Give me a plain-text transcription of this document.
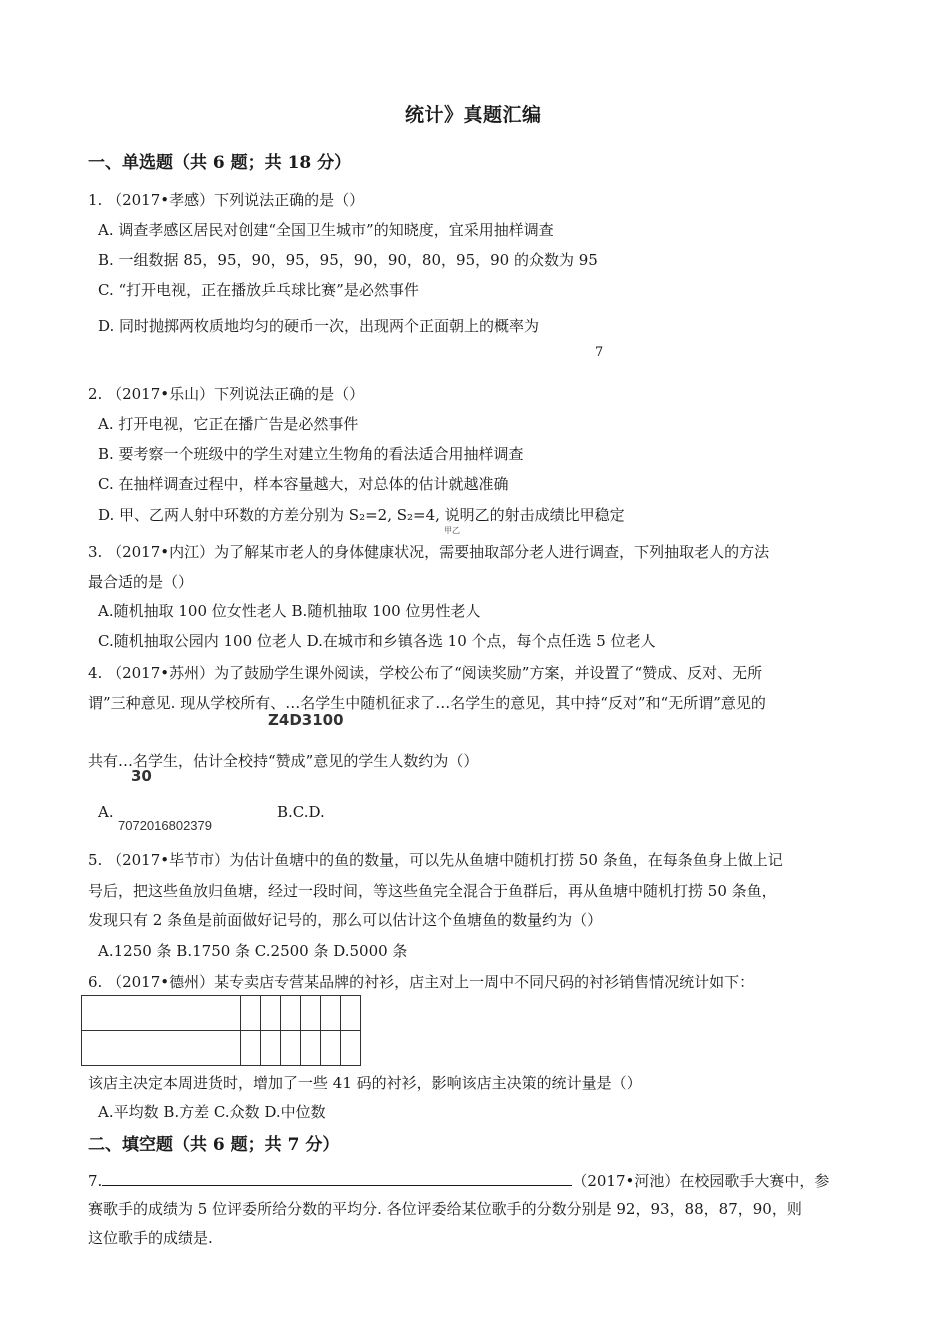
统计》真题汇编
一、单选题（共 6 题；共 18 分）
1. （2017•孝感）下列说法正确的是（）
A. 调查孝感区居民对创建“全国卫生城市”的知晓度，宜采用抽样调查
B. 一组数据 85，95，90，95，95，90，90，80，95，90 的众数为 95
C. “打开电视，正在播放乒乓球比赛”是必然事件
D. 同时抛掷两枚质地均匀的硬币一次，出现两个正面朝上的概率为
7
2. （2017•乐山）下列说法正确的是（）
A. 打开电视，它正在播广告是必然事件
B. 要考察一个班级中的学生对建立生物角的看法适合用抽样调查
C. 在抽样调查过程中，样本容量越大，对总体的估计就越准确
D. 甲、乙两人射中环数的方差分别为 S₂=2, S₂=4, 说明乙的射击成绩比甲稳定
甲乙
3. （2017•内江）为了解某市老人的身体健康状况，需要抽取部分老人进行调查，下列抽取老人的方法
最合适的是（）
A.随机抽取 100 位女性老人 B.随机抽取 100 位男性老人
C.随机抽取公园内 100 位老人 D.在城市和乡镇各选 10 个点，每个点任选 5 位老人
4. （2017•苏州）为了鼓励学生课外阅读，学校公布了“阅读奖励”方案，并设置了“赞成、反对、无所
谓”三种意见. 现从学校所有、…名学生中随机征求了…名学生的意见，其中持“反对”和“无所谓”意见的
Z4D3100
共有…名学生，估计全校持“赞成”意见的学生人数约为（）
30
A.	B.C.D.
7072016802379
5. （2017•毕节市）为估计鱼塘中的鱼的数量，可以先从鱼塘中随机打捞 50 条鱼，在每条鱼身上做上记
号后，把这些鱼放归鱼塘，经过一段时间，等这些鱼完全混合于鱼群后，再从鱼塘中随机打捞 50 条鱼，
发现只有 2 条鱼是前面做好记号的，那么可以估计这个鱼塘鱼的数量约为（）
A.1250 条 B.1750 条 C.2500 条 D.5000 条
6. （2017•德州）某专卖店专营某品牌的衬衫，店主对上一周中不同尺码的衬衫销售情况统计如下：

该店主决定本周进货时，增加了一些 41 码的衬衫，影响该店主决策的统计量是（）
A.平均数 B.方差 C.众数 D.中位数
二、填空题（共 6 题；共 7 分）
7.	（2017•河池）在校园歌手大赛中，参
赛歌手的成绩为 5 位评委所给分数的平均分. 各位评委给某位歌手的分数分别是 92，93，88，87，90，则
这位歌手的成绩是.
